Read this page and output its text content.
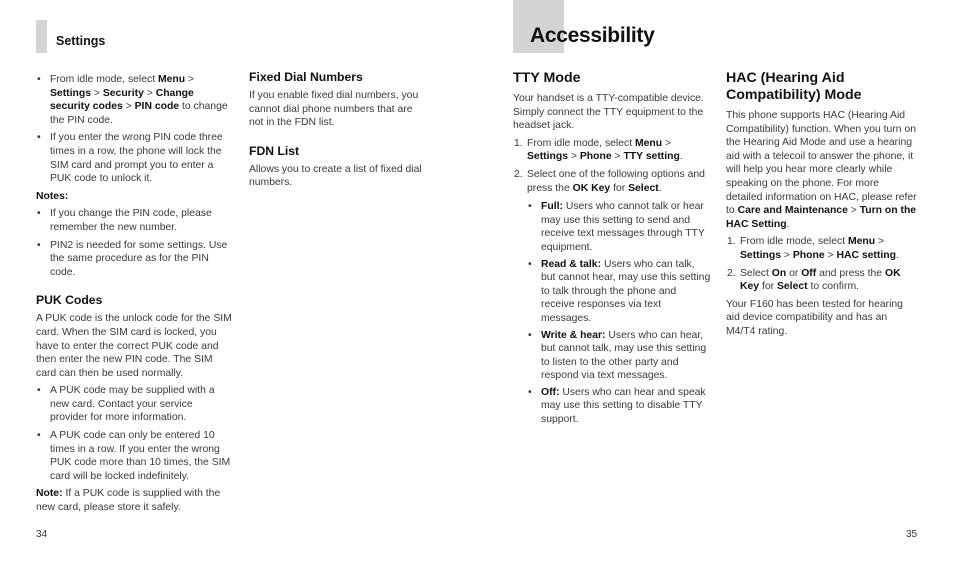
Settings	Accessibility
• From idle mode, select Menu > Settings > Security > Change security codes > PIN code to change the PIN code.
• If you enter the wrong PIN code three times in a row, the phone will lock the SIM card and prompt you to enter a PUK code to unlock it.
Notes:
• If you change the PIN code, please remember the new number.
• PIN2 is needed for some settings. Use the same procedure as for the PIN code.
PUK Codes

A PUK code is the unlock code for the SIM card. When the SIM card is locked, you have to enter the correct PUK code and then enter the new PIN code. The SIM card can then be used normally.

• A PUK code may be supplied with a new card. Contact your service provider for more information.
• A PUK code can only be entered 10 times in a row. If you enter the wrong PUK code more than 10 times, the SIM card will be locked indefinitely.

Note: If a PUK code is supplied with the new card, please store it safely.

Fixed Dial Numbers

If you enable fixed dial numbers, you cannot dial phone numbers that are not in the FDN list.

FDN List

Allows you to create a list of fixed dial numbers.

TTY Mode

Your handset is a TTY-compatible device. Simply connect the TTY equipment to the headset jack.

1. From idle mode, select Menu > Settings > Phone > TTY setting.
2. Select one of the following options and press the OK Key for Select.
• Full: Users who cannot talk or hear may use this setting to send and receive text messages through TTY equipment.
• Read & talk: Users who can talk, but cannot hear, may use this setting to talk through the phone and receive responses via text messages.
• Write & hear: Users who can hear, but cannot talk, may use this setting to listen to the other party and respond via text messages.
• Off: Users who can hear and speak may use this setting to disable TTY support.
HAC (Hearing Aid Compatibility) Mode

This phone supports HAC (Hearing Aid Compatibility) function. When you turn on the Hearing Aid Mode and use a hearing aid with a telecoil to answer the phone, it will help you hear more clearly while speaking on the phone. For more detailed information on HAC, please refer to Care and Maintenance > Turn on the HAC Setting.

1. From idle mode, select Menu > Settings > Phone > HAC setting.
2. Select On or Off and press the OK Key for Select to confirm.

Your F160 has been tested for hearing aid device compatibility and has an M4/T4 rating.

34	35
